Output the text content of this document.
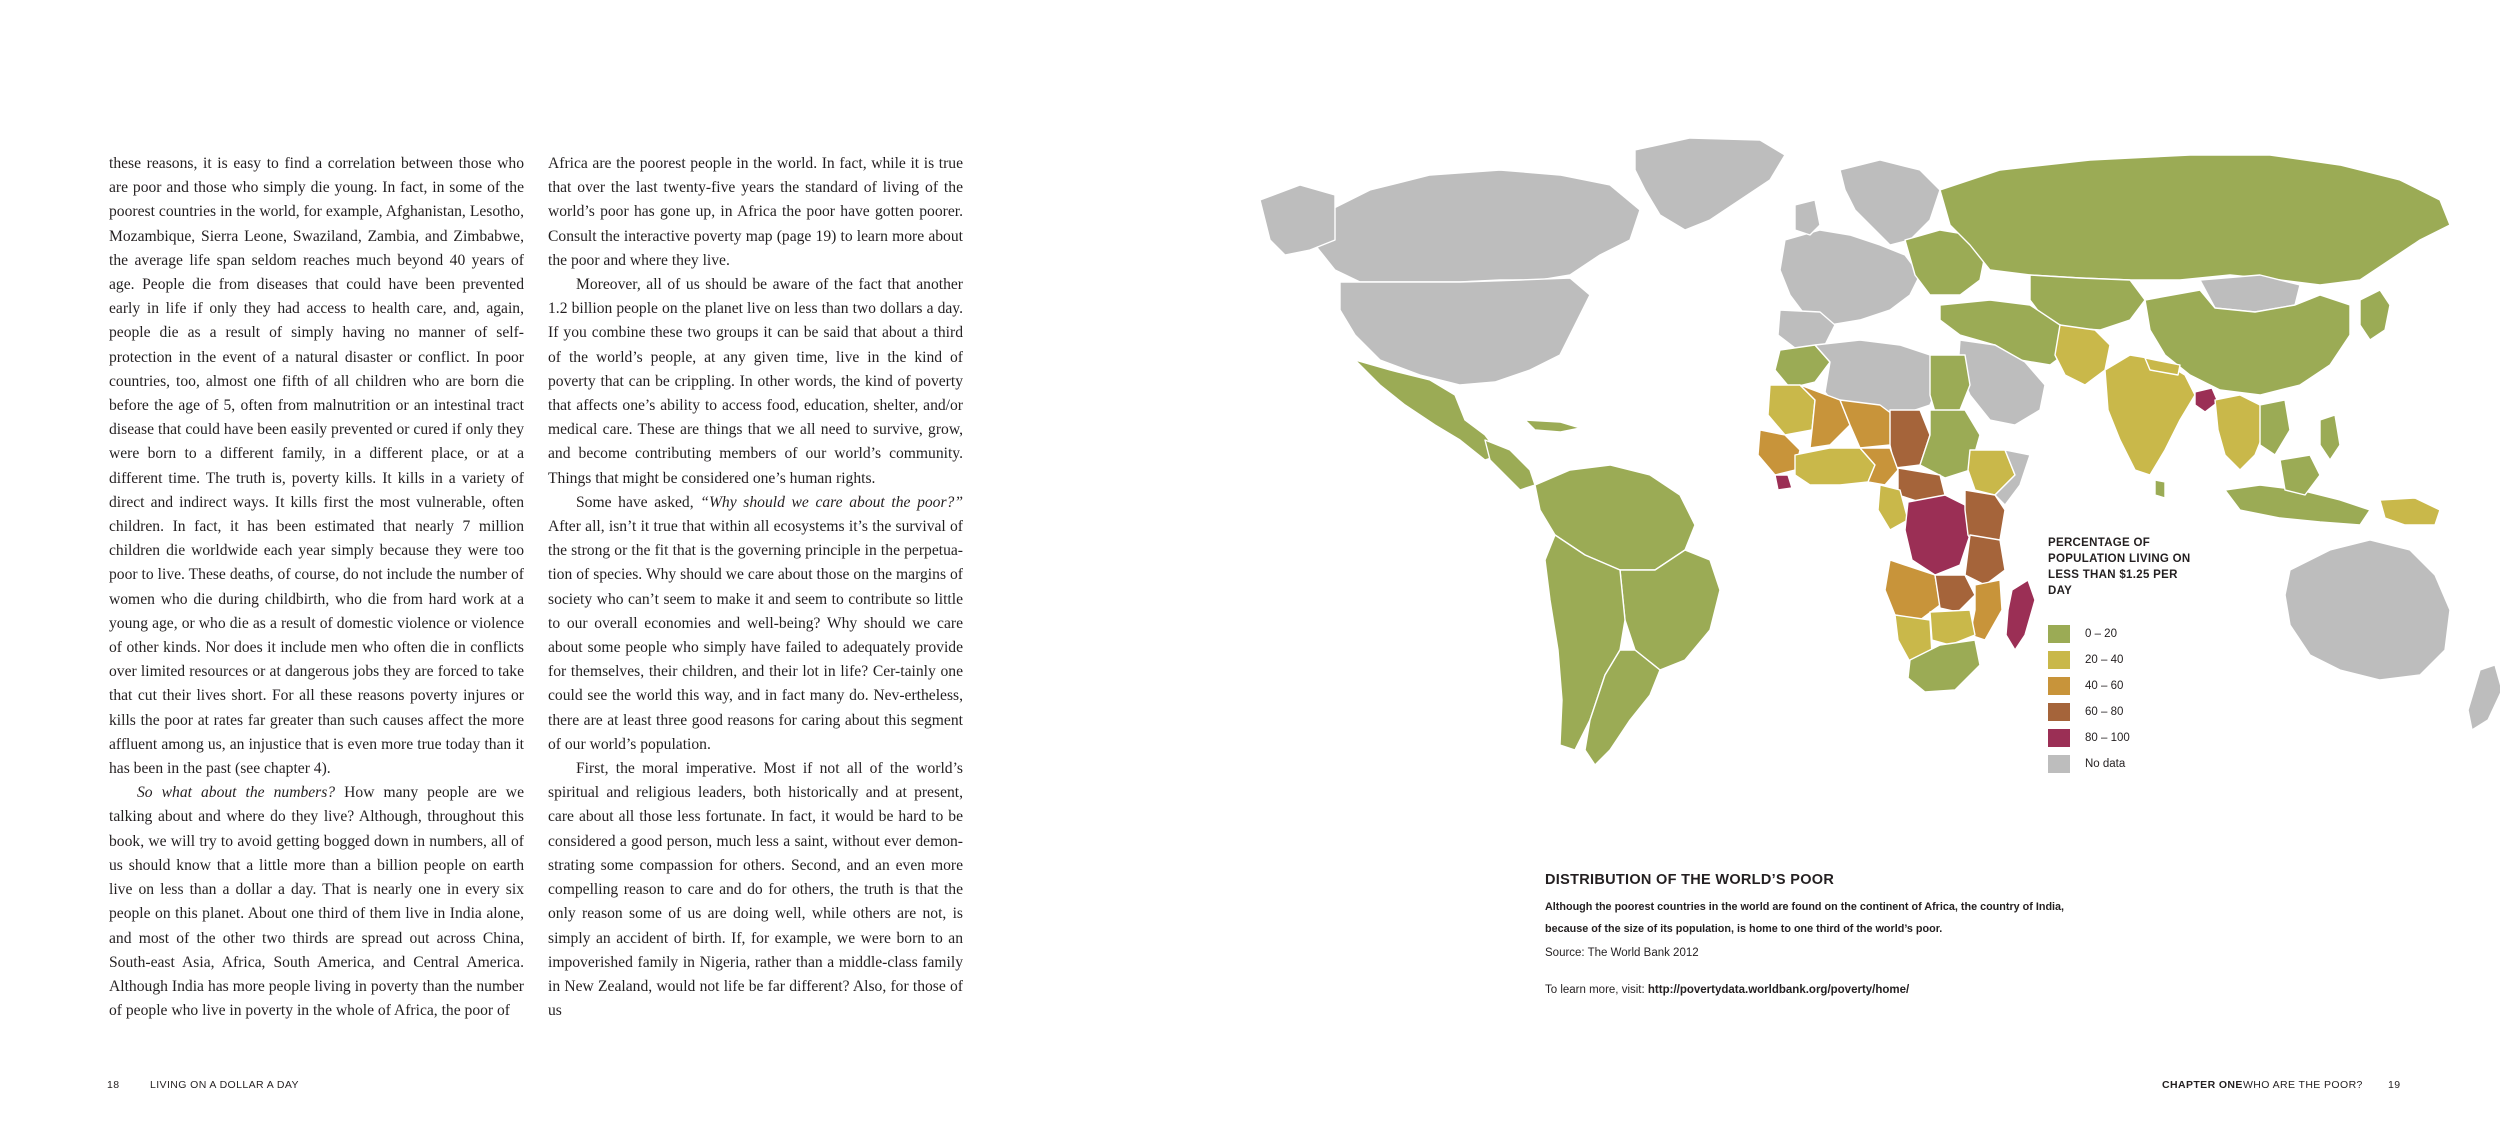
these reasons, it is easy to find a correlation between those who are poor and those who simply die young. In fact, in some of the poorest countries in the world, for example, Afghanistan, Lesotho, Mozambique, Sierra Leone, Swaziland, Zambia, and Zimbabwe, the average life span seldom reaches much beyond 40 years of age. People die from diseases that could have been prevented early in life if only they had access to health care, and, again, people die as a result of simply having no manner of self-protection in the event of a natural disaster or conflict. In poor countries, too, almost one fifth of all children who are born die before the age of 5, often from malnutrition or an intestinal tract disease that could have been easily prevented or cured if only they were born to a different family, in a different place, or at a different time. The truth is, poverty kills. It kills in a variety of direct and indirect ways. It kills first the most vulnerable, often children. In fact, it has been estimated that nearly 7 million children die worldwide each year simply because they were too poor to live. These deaths, of course, do not include the number of women who die during childbirth, who die from hard work at a young age, or who die as a result of domestic violence or violence of other kinds. Nor does it include men who often die in conflicts over limited resources or at dangerous jobs they are forced to take that cut their lives short. For all these reasons poverty injures or kills the poor at rates far greater than such causes affect the more affluent among us, an injustice that is even more true today than it has been in the past (see chapter 4).

So what about the numbers? How many people are we talking about and where do they live? Although, throughout this book, we will try to avoid getting bogged down in numbers, all of us should know that a little more than a billion people on earth live on less than a dollar a day. That is nearly one in every six people on this planet. About one third of them live in India alone, and most of the other two thirds are spread out across China, South-east Asia, Africa, South America, and Central America. Although India has more people living in poverty than the number of people who live in poverty in the whole of Africa, the poor of

Africa are the poorest people in the world. In fact, while it is true that over the last twenty-five years the standard of living of the world’s poor has gone up, in Africa the poor have gotten poorer. Consult the interactive poverty map (page 19) to learn more about the poor and where they live.

Moreover, all of us should be aware of the fact that another 1.2 billion people on the planet live on less than two dollars a day. If you combine these two groups it can be said that about a third of the world’s people, at any given time, live in the kind of poverty that can be crippling. In other words, the kind of poverty that affects one’s ability to access food, education, shelter, and/or medical care. These are things that we all need to survive, grow, and become contributing members of our world’s community. Things that might be considered one’s human rights.

Some have asked, “Why should we care about the poor?” After all, isn’t it true that within all ecosystems it’s the survival of the strong or the fit that is the governing principle in the perpetua-tion of species. Why should we care about those on the margins of society who can’t seem to make it and seem to contribute so little to our overall economies and well-being? Why should we care about some people who simply have failed to adequately provide for themselves, their children, and their lot in life? Cer-tainly one could see the world this way, and in fact many do. Nev-ertheless, there are at least three good reasons for caring about this segment of our world’s population.

First, the moral imperative. Most if not all of the world’s spiritual and religious leaders, both historically and at present, care about all those less fortunate. In fact, it would be hard to be considered a good person, much less a saint, without ever demon-strating some compassion for others. Second, and an even more compelling reason to care and do for others, the truth is that the only reason some of us are doing well, while others are not, is simply an accident of birth. If, for example, we were born to an impoverished family in Nigeria, rather than a middle-class family in New Zealand, would not life be far different? Also, for those of us

18	LIVING ON A DOLLAR A DAY	CHAPTER ONE WHO ARE THE POOR? 19
PERCENTAGE OF POPULATION LIVING ON LESS THAN $1.25 PER DAY
0 – 20
20 – 40
40 – 60
60 – 80
80 – 100
No data
DISTRIBUTION OF THE WORLD’S POOR
Although the poorest countries in the world are found on the continent of Africa, the country of India, because of the size of its population, is home to one third of the world’s poor.
Source: The World Bank 2012
To learn more, visit: http://povertydata.worldbank.org/poverty/home/
